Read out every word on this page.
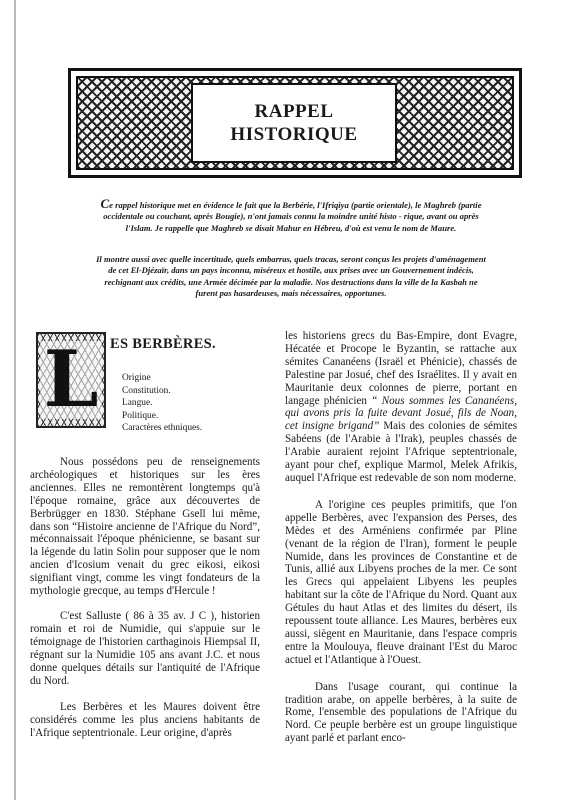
RAPPEL
HISTORIQUE

Ce rappel historique met en évidence le fait que la Berbérie, l'Ifriqiya (partie orientale), le Maghreb (partie occidentale ou couchant, après Bougie), n'ont jamais connu la moindre unité histo - rique, avant ou après l'Islam. Je rappelle que Maghreb se disait Mahur en Hébreu, d'où est venu le nom de Maure.

Il montre aussi avec quelle incertitude, quels embarras, quels tracas, seront conçus les projets d'aménagement de cet El-Djézaïr, dans un pays inconnu, miséreux et hostile, aux prises avec un Gouvernement indécis, rechignant aux crédits, une Armée décimée par la maladie. Nos destructions dans la ville de la Kasbah ne furent pas hasardeuses, mais nécessaires, opportunes.

L ES BERBÈRES.
Origine
Constitution.
Langue.
Politique.
Caractères ethniques.

Nous possédons peu de renseignements archéologiques et historiques sur les ères anciennes. Elles ne remontèrent longtemps qu'à l'époque romaine, grâce aux découvertes de Berbrügger en 1830. Stéphane Gsell lui même, dans son “Histoire ancienne de l'Afrique du Nord”, méconnaissait l'époque phénicienne, se basant sur la légende du latin Solin pour supposer que le nom ancien d'Icosium venait du grec eikosi, eikosi signifiant vingt, comme les vingt fondateurs de la mythologie grecque, au temps d'Hercule !

C'est Salluste ( 86 à 35 av. J C ), historien romain et roi de Numidie, qui s'appuie sur le témoignage de l'historien carthaginois Hiempsal II, régnant sur la Numidie 105 ans avant J.C. et nous donne quelques détails sur l'antiquité de l'Afrique du Nord.

Les Berbères et les Maures doivent être considérés comme les plus anciens habitants de l'Afrique septentrionale. Leur origine, d'après

les historiens grecs du Bas-Empire, dont Evagre, Hécatée et Procope le Byzantin, se rattache aux sémites Cananéens (Israël et Phénicie), chassés de Palestine par Josué, chef des Israélites. Il y avait en Mauritanie deux colonnes de pierre, portant en langage phénicien “ Nous sommes les Cananéens, qui avons pris la fuite devant Josué, fils de Noan, cet insigne brigand” Mais des colonies de sémites Sabéens (de l'Arabie à l'Irak), peuples chassés de l'Arabie auraient rejoint l'Afrique septentrionale, ayant pour chef, explique Marmol, Melek Afrikis, auquel l'Afrique est redevable de son nom moderne.

A l'origine ces peuples primitifs, que l'on appelle Berbères, avec l'expansion des Perses, des Mèdes et des Arméniens confirmée par Pline (venant de la région de l'Iran), forment le peuple Numide, dans les provinces de Constantine et de Tunis, allié aux Libyens proches de la mer. Ce sont les Grecs qui appelaient Libyens les peuples habitant sur la côte de l'Afrique du Nord. Quant aux Gétules du haut Atlas et des limites du désert, ils repoussent toute alliance. Les Maures, berbères eux aussi, siègent en Mauritanie, dans l'espace compris entre la Moulouya, fleuve drainant l'Est du Maroc actuel et l'Atlantique à l'Ouest.

Dans l'usage courant, qui continue la tradition arabe, on appelle berbères, à la suite de Rome, l'ensemble des populations de l'Afrique du Nord. Ce peuple berbère est un groupe linguistique ayant parlé et parlant enco-
